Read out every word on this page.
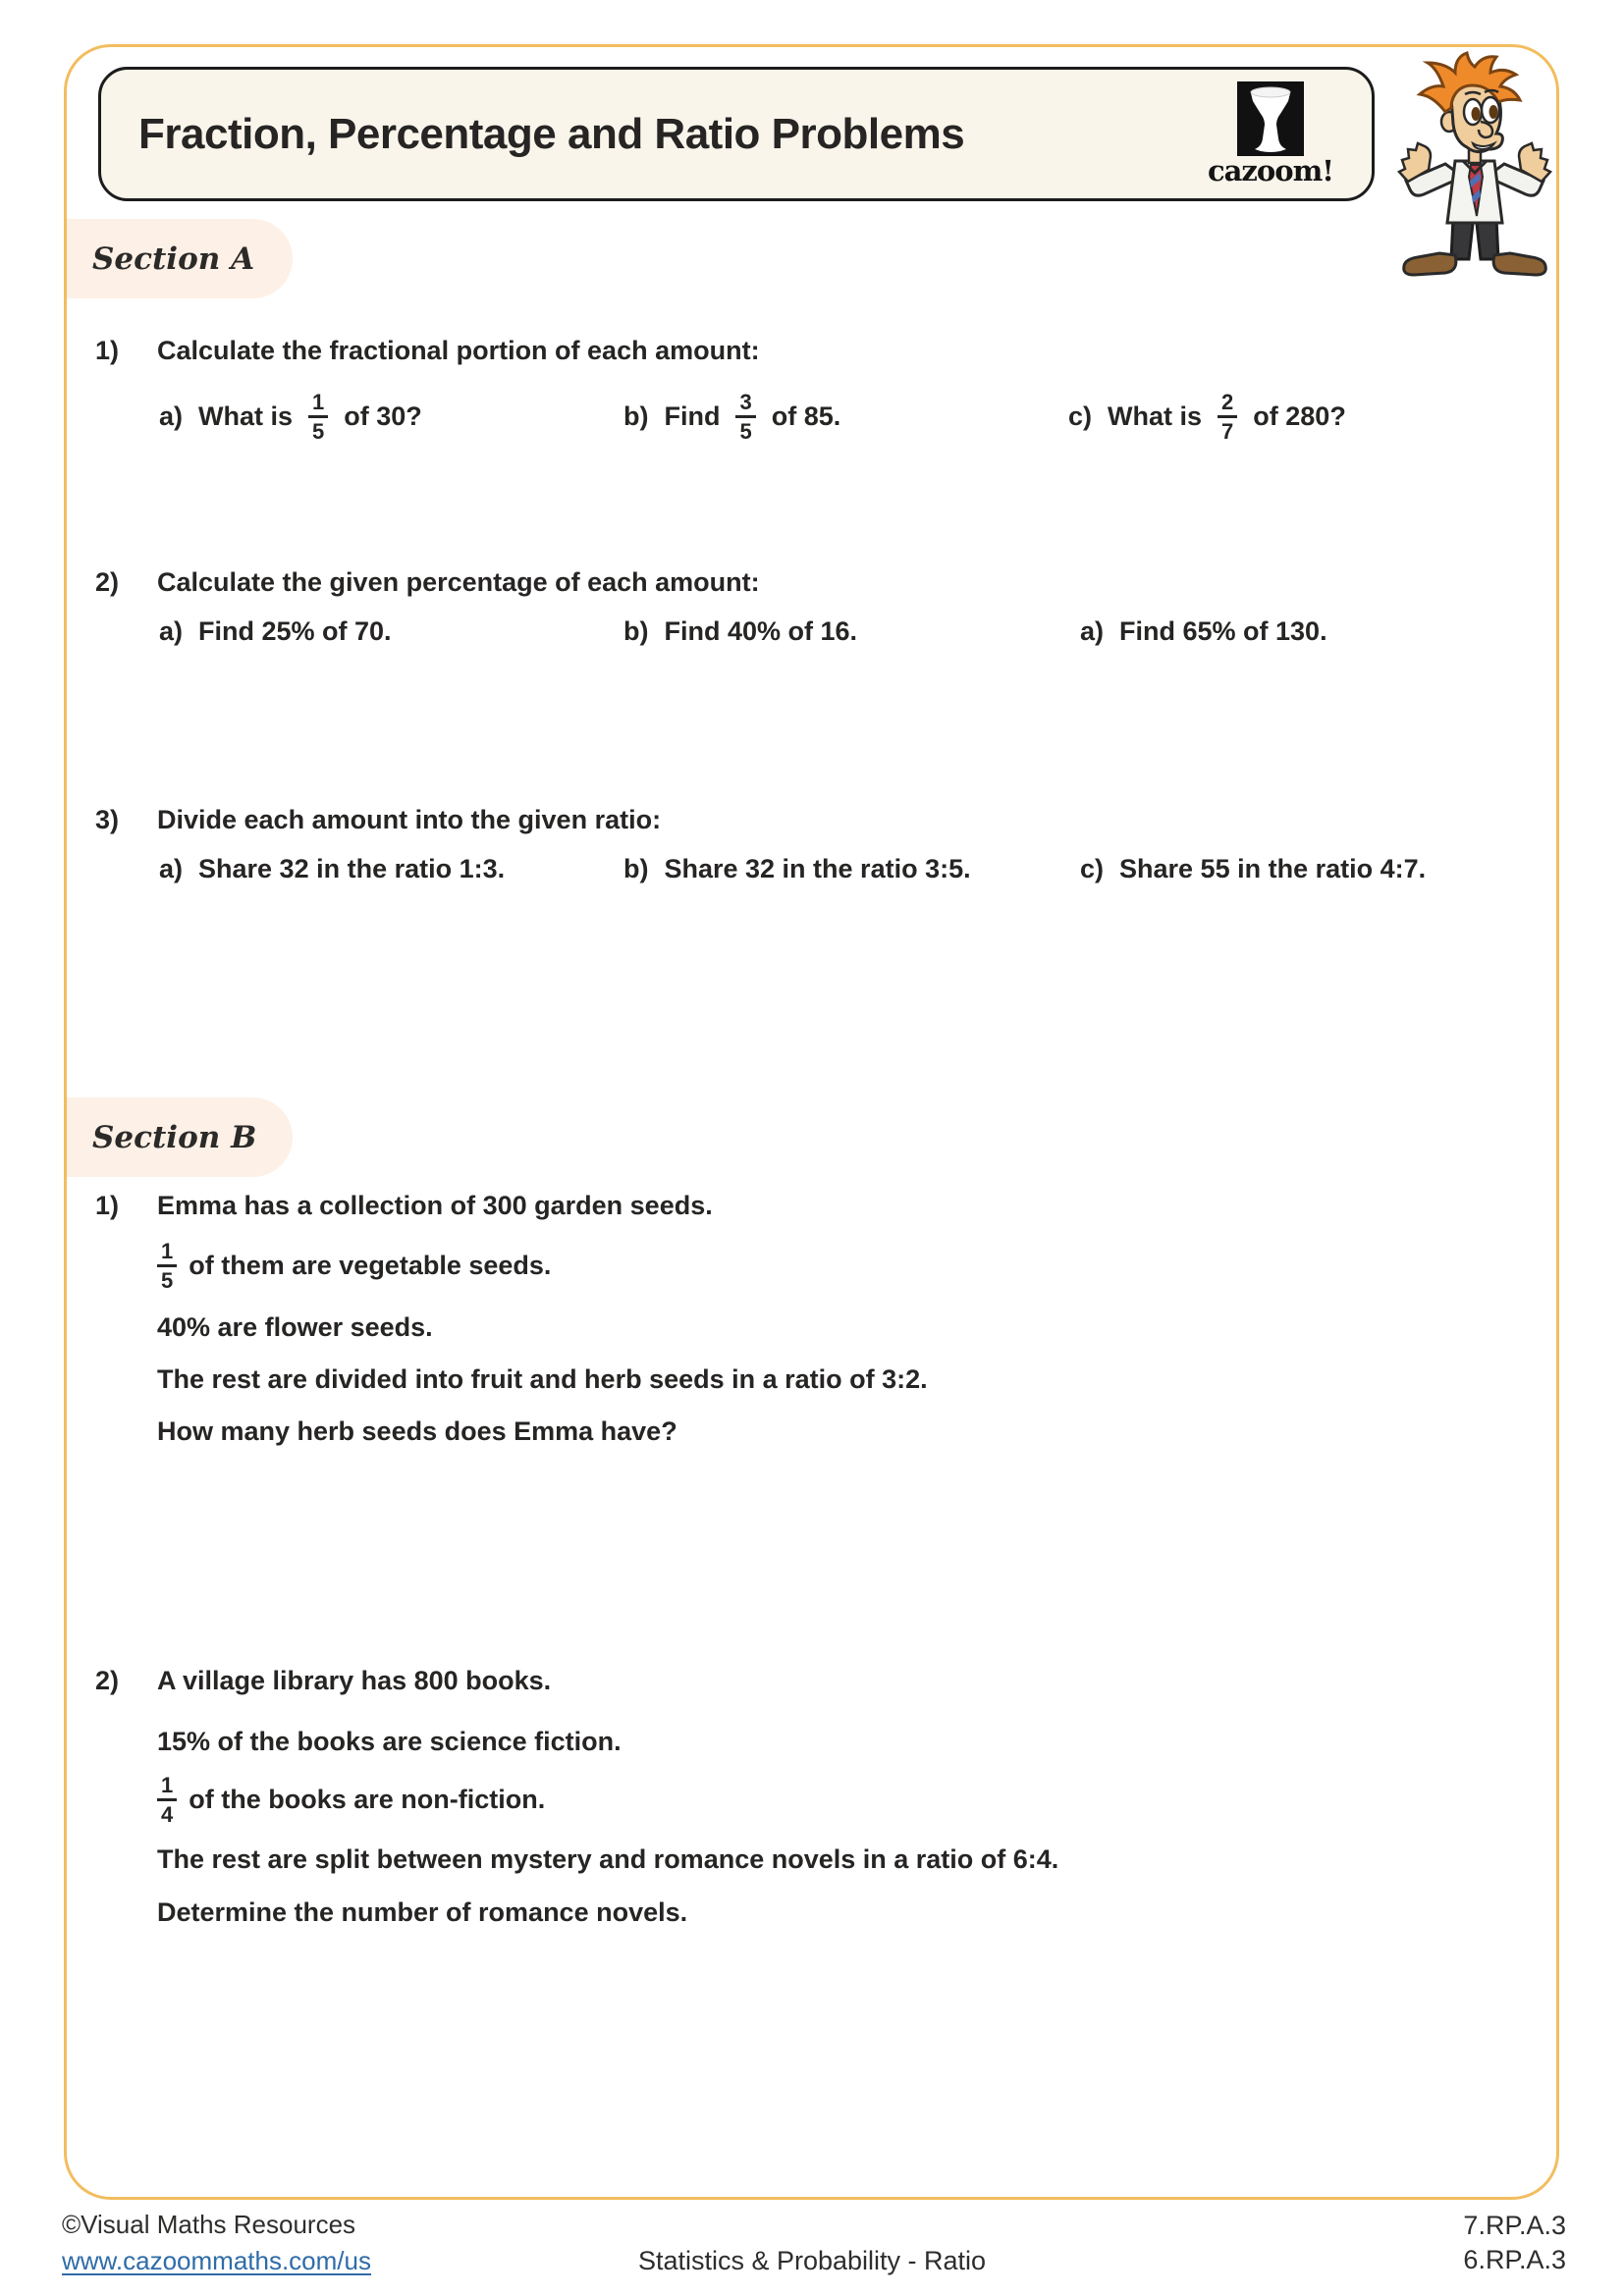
Fraction, Percentage and Ratio Problems
cazoom!
Section A
1) Calculate the fractional portion of each amount:
a) What is $\frac{1}{5}$ of 30?	b) Find $\frac{3}{5}$ of 85.	c) What is $\frac{2}{7}$ of 280?
2) Calculate the given percentage of each amount:
a) Find 25% of 70.	b) Find 40% of 16.	a) Find 65% of 130.
3) Divide each amount into the given ratio:
a) Share 32 in the ratio 1:3.	b) Share 32 in the ratio 3:5.	c) Share 55 in the ratio 4:7.
Section B
1) Emma has a collection of 300 garden seeds.
$\frac{1}{5}$ of them are vegetable seeds.
40% are flower seeds.
The rest are divided into fruit and herb seeds in a ratio of 3:2.
How many herb seeds does Emma have?
2) A village library has 800 books.
15% of the books are science fiction.
$\frac{1}{4}$ of the books are non-fiction.
The rest are split between mystery and romance novels in a ratio of 6:4.
Determine the number of romance novels.
©Visual Maths Resources
www.cazoommaths.com/us	Statistics & Probability - Ratio
7.RP.A.3
6.RP.A.3
